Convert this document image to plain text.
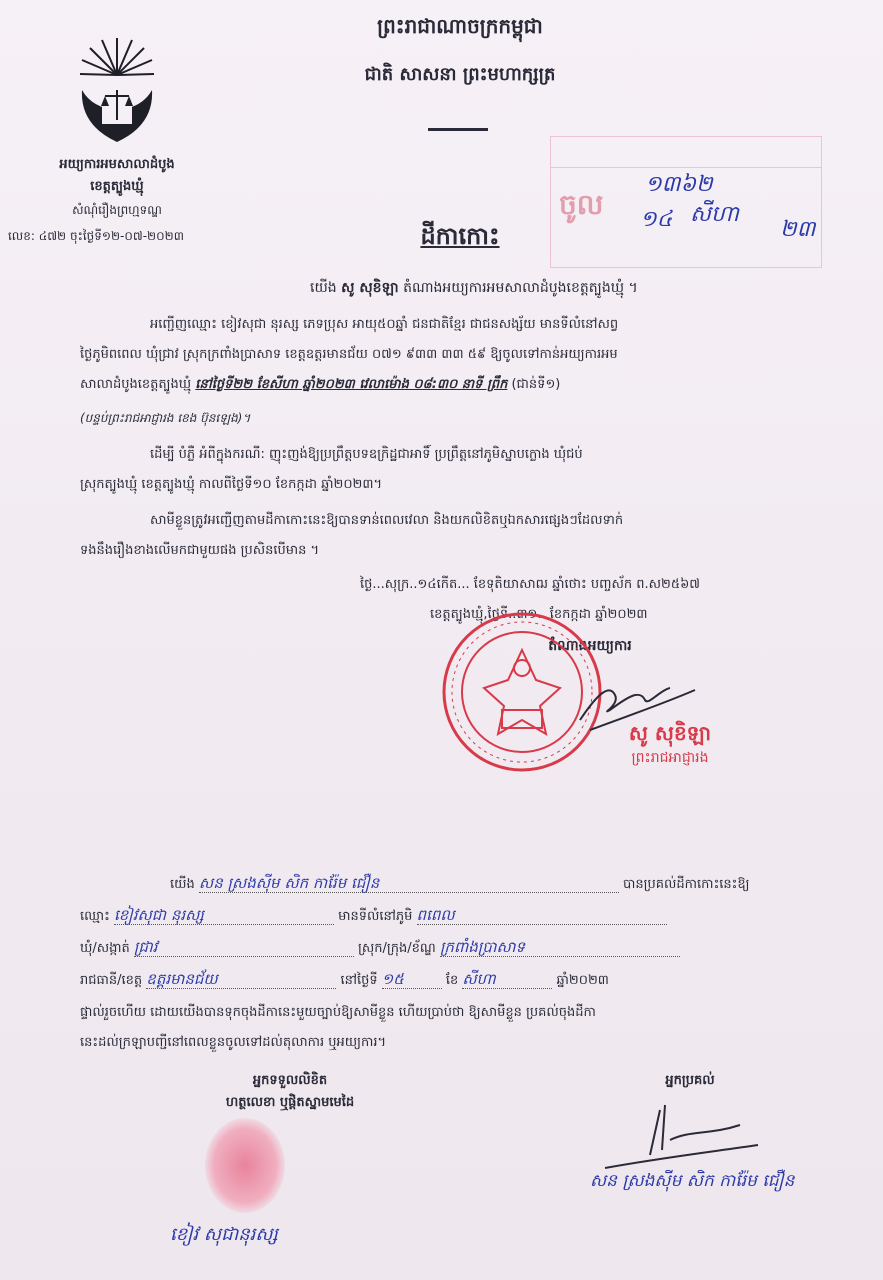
អយ្យការអមសាលាដំបូង
ខេត្តត្បូងឃ្មុំ
សំណុំរឿងព្រហ្មទណ្ឌ
លេខ: ៤៧២ ចុះថ្ងៃទី១២-០៧-២០២៣
ព្រះរាជាណាចក្រកម្ពុជា
ជាតិ សាសនា ព្រះមហាក្សត្រ
ចូល
១៣៦២
១៤ សីហា
២៣
ដីកាកោះ
យើង សូ សុខិឡា តំណាងអយ្យការអមសាលាដំបូងខេត្តត្បូងឃ្មុំ ។
អញ្ជើញឈ្មោះ ខៀវសុជា នុរស្ស ភេទប្រុស អាយុ៥០ឆ្នាំ ជនជាតិខ្មែរ ជាជនសង្ស័យ មានទីលំនៅសព្វ
ថ្ងៃភូមិពពេល ឃុំជ្រាវ ស្រុកក្រពាំងប្រាសាទ ខេត្តឧត្តរមានជ័យ ០៧១ ៩៣៣ ៣៣ ៥៩ ឱ្យចូលទៅកាន់អយ្យការអម
សាលាដំបូងខេត្តត្បូងឃ្មុំ នៅថ្ងៃទី២២ ខែសីហា ឆ្នាំ២០២៣ វេលាម៉ោង ០៨:៣០ នាទី ព្រឹក (ជាន់ទី១)
(បន្ទប់ព្រះរាជអាជ្ញារង ខេង ប៊ុនឡេង)។
ដើម្បី បំភ្លឺ អំពីក្នុងករណី: ញុះញង់ឱ្យប្រព្រឹត្តបទឧក្រិដ្ឋជាអាទិ៍ ប្រព្រឹត្តនៅភូមិស្នាបក្លោង ឃុំជប់
ស្រុកត្បូងឃ្មុំ ខេត្តត្បូងឃ្មុំ កាលពីថ្ងៃទី១០ ខែកក្កដា ឆ្នាំ២០២៣។
សាមីខ្លួនត្រូវអញ្ជើញតាមដីកាកោះនេះឱ្យបានទាន់ពេលវេលា និងយកលិខិតឬឯកសារផ្សេងៗដែលទាក់
ទងនឹងរឿងខាងលើមកជាមួយផង ប្រសិនបើមាន ។
ថ្ងៃ...សុក្រ..១៤កើត... ខែទុតិយាសាឍ ឆ្នាំថោះ បញ្ចស័ក ព.ស២៥៦៧
ខេត្តត្បូងឃ្មុំ,ថ្ងៃទី..៣១.. ខែកក្កដា ឆ្នាំ២០២៣
តំណាងអយ្យការ
សូ សុខិឡា
ព្រះរាជអាជ្ញារង
យើង សន ស្រងសុីម សិក ការ៉ែម ជឿន	បានប្រគល់ដីកាកោះនេះឱ្យ
ឈ្មោះ ខៀវសុជា នុរស្ស	មានទីលំនៅភូមិ ពពេល
ឃុំ/សង្កាត់ ជ្រាវ	ស្រុក/ក្រុង/ខ័ណ្ឌ ក្រពាំងប្រាសាទ
រាជធានី/ខេត្ត ឧត្តរមានជ័យ	នៅថ្ងៃទី ១៥	ខែ សីហា	ឆ្នាំ២០២៣
ផ្ទាល់រួចហើយ ដោយយើងបានទុកចុងដីកានេះមួយច្បាប់ឱ្យសាមីខ្លួន ហើយប្រាប់ថា ឱ្យសាមីខ្លួន ប្រគល់ចុងដីកា
នេះដល់ក្រឡាបញ្ជីនៅពេលខ្លួនចូលទៅដល់តុលាការ ឬអយ្យការ។
អ្នកទទួលលិខិត
ហត្ថលេខា ឬផ្តិតស្នាមមេដៃ
ខៀវ សុជានុរស្ស
អ្នកប្រគល់
សន ស្រងសុីម សិក ការ៉ែម ជឿន
